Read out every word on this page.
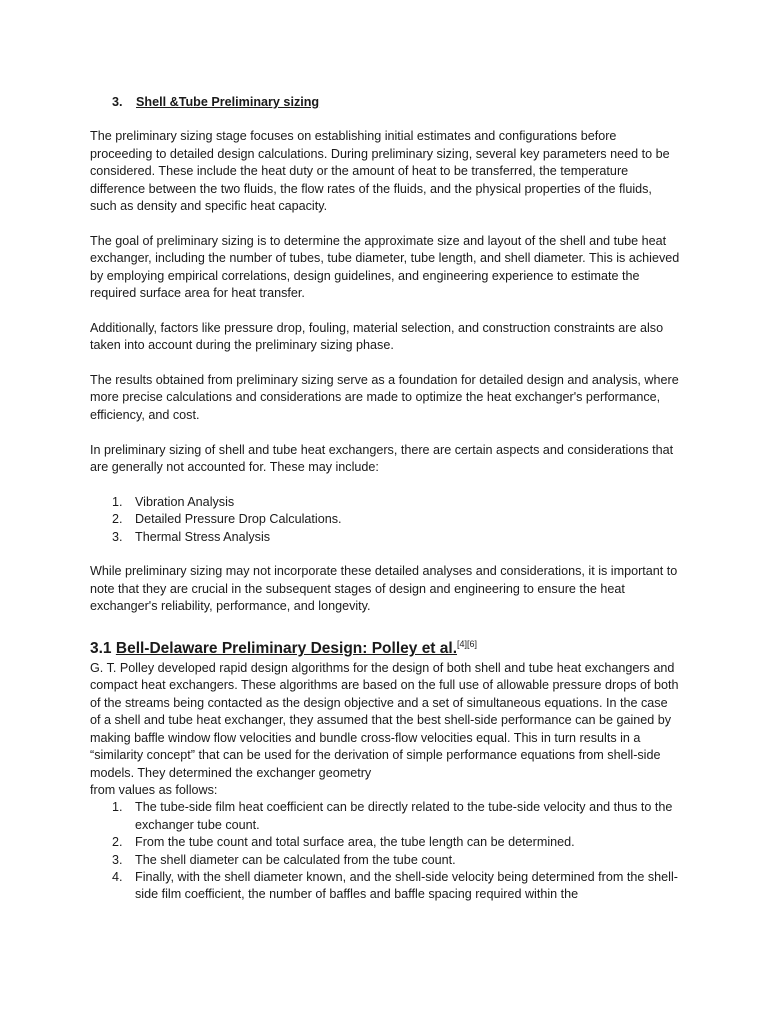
3. Shell &Tube Preliminary sizing

The preliminary sizing stage focuses on establishing initial estimates and configurations before proceeding to detailed design calculations. During preliminary sizing, several key parameters need to be considered. These include the heat duty or the amount of heat to be transferred, the temperature difference between the two fluids, the flow rates of the fluids, and the physical properties of the fluids, such as density and specific heat capacity.

The goal of preliminary sizing is to determine the approximate size and layout of the shell and tube heat exchanger, including the number of tubes, tube diameter, tube length, and shell diameter. This is achieved by employing empirical correlations, design guidelines, and engineering experience to estimate the required surface area for heat transfer.

Additionally, factors like pressure drop, fouling, material selection, and construction constraints are also taken into account during the preliminary sizing phase.

The results obtained from preliminary sizing serve as a foundation for detailed design and analysis, where more precise calculations and considerations are made to optimize the heat exchanger's performance, efficiency, and cost.

In preliminary sizing of shell and tube heat exchangers, there are certain aspects and considerations that are generally not accounted for. These may include:

1. Vibration Analysis
2. Detailed Pressure Drop Calculations.
3. Thermal Stress Analysis

While preliminary sizing may not incorporate these detailed analyses and considerations, it is important to note that they are crucial in the subsequent stages of design and engineering to ensure the heat exchanger's reliability, performance, and longevity.

3.1 Bell-Delaware Preliminary Design: Polley et al.[4][6]

G. T. Polley developed rapid design algorithms for the design of both shell and tube heat exchangers and compact heat exchangers. These algorithms are based on the full use of allowable pressure drops of both of the streams being contacted as the design objective and a set of simultaneous equations. In the case of a shell and tube heat exchanger, they assumed that the best shell-side performance can be gained by making baffle window flow velocities and bundle cross-flow velocities equal. This in turn results in a “similarity concept” that can be used for the derivation of simple performance equations from shell-side models. They determined the exchanger geometry

from values as follows:

1. The tube-side film heat coefficient can be directly related to the tube-side velocity and thus to the exchanger tube count.
2. From the tube count and total surface area, the tube length can be determined.
3. The shell diameter can be calculated from the tube count.
4. Finally, with the shell diameter known, and the shell-side velocity being determined from the shell-side film coefficient, the number of baffles and baffle spacing required within the
